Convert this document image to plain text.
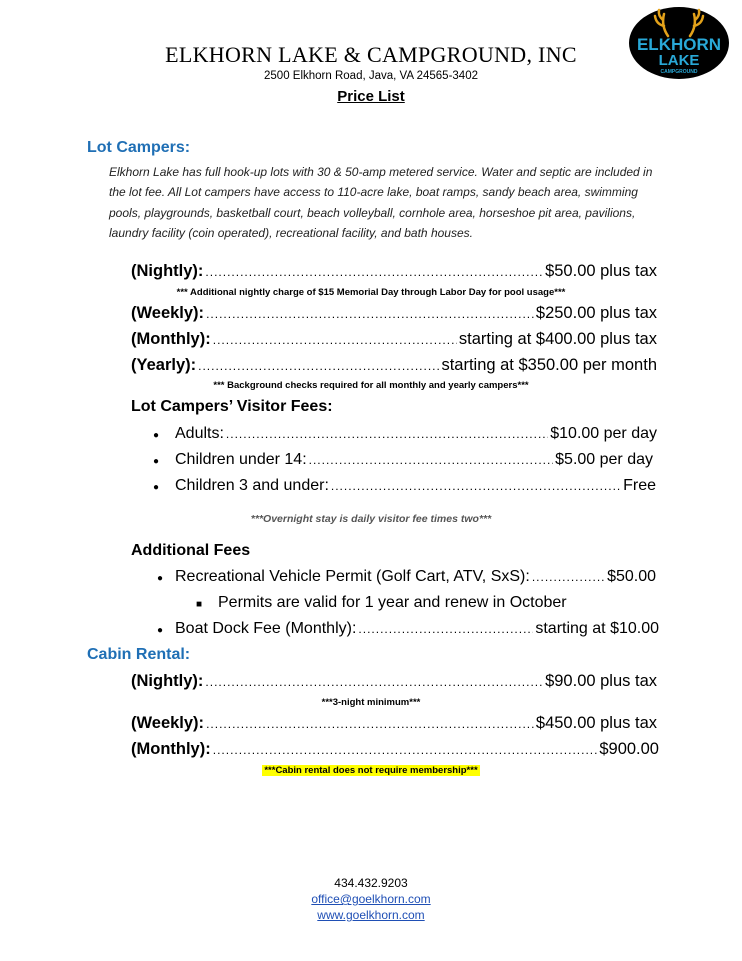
ELKHORN
LAKE
CAMPGROUND
ELKHORN LAKE & CAMPGROUND, INC
2500 Elkhorn Road, Java, VA 24565-3402
Price List
Lot Campers:
Elkhorn Lake has full hook-up lots with 30 & 50-amp metered service. Water and septic are included in the lot fee. All Lot campers have access to 110-acre lake, boat ramps, sandy beach area, swimming pools, playgrounds, basketball court, beach volleyball, cornhole area, horseshoe pit area, pavilions, laundry facility (coin operated), recreational facility, and bath houses.
(Nightly): .....	$50.00 plus tax
*** Additional nightly charge of $15 Memorial Day through Labor Day for pool usage***
(Weekly): .....	$250.00 plus tax
(Monthly): .....	starting at $400.00 plus tax
(Yearly): .....	starting at $350.00 per month
*** Background checks required for all monthly and yearly campers***
Lot Campers’ Visitor Fees:
● Adults: .....	$10.00 per day
● Children under 14: .....	$5.00 per day
● Children 3 and under: .....	Free
***Overnight stay is daily visitor fee times two***
Additional Fees
● Recreational Vehicle Permit (Golf Cart, ATV, SxS): .....	$50.00
■ Permits are valid for 1 year and renew in October
● Boat Dock Fee (Monthly): .....	starting at $10.00
Cabin Rental:
(Nightly): .....	$90.00 plus tax
***3-night minimum***
(Weekly): .....	$450.00 plus tax
(Monthly): .....	$900.00
***Cabin rental does not require membership***
434.432.9203
office@goelkhorn.com
www.goelkhorn.com
